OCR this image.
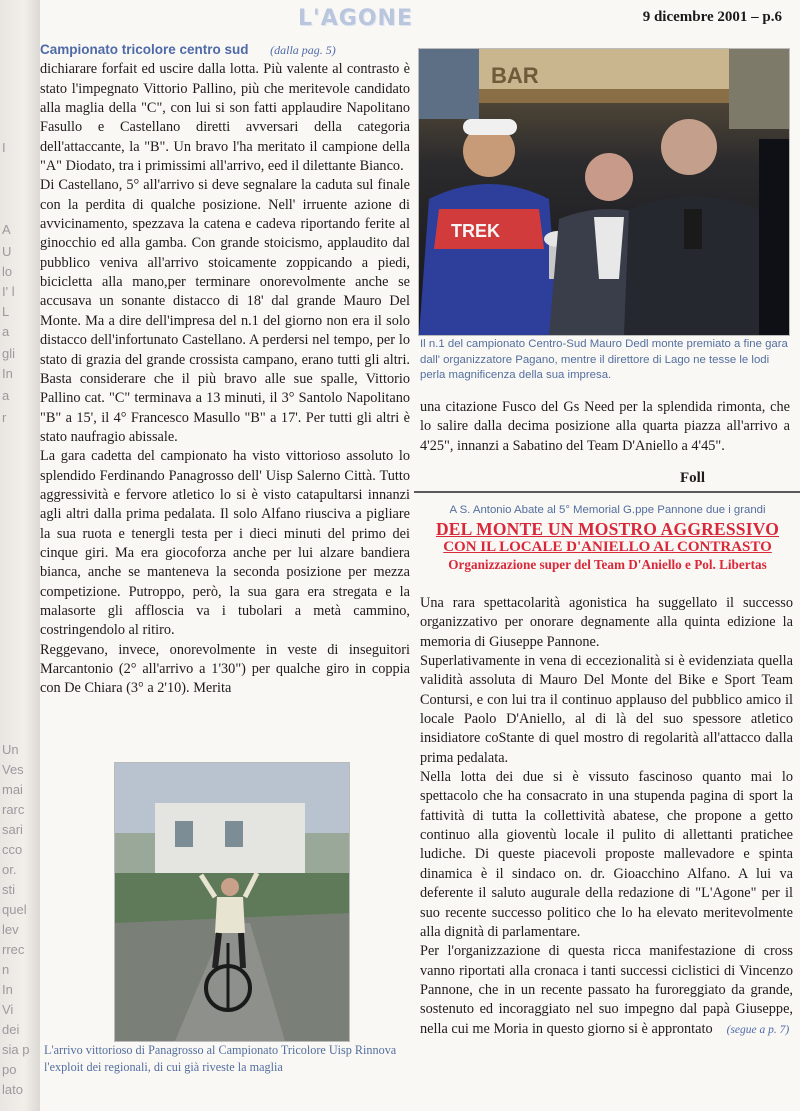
I
A
U
lo
I' l
L
a
gli
In
a
r
Un
Ves
mai
rarc
sari
cco
or.
sti
quel
lev
rrec
n
In
Vi
dei
sia p
po
lato
L'AGONE	9 dicembre 2001 – p.6

Campionato tricolore centro sud (dalla pag. 5)

dichiarare forfait ed uscire dalla lotta. Più valente al contrasto è stato l'impegnato Vittorio Pallino, più che meritevole candidato alla maglia della "C", con lui si son fatti applaudire Napolitano Fasullo e Castellano diretti avversari della categoria dell'attaccante, la "B". Un bravo l'ha meritato il campione della "A" Diodato, tra i primissimi all'arrivo, eed il dilettante Bianco.

Di Castellano, 5° all'arrivo si deve segnalare la caduta sul finale con la perdita di qualche posizione. Nell' irruente azione di avvicinamento, spezzava la catena e cadeva riportando ferite al ginocchio ed alla gamba. Con grande stoicismo, applaudito dal pubblico veniva all'arrivo stoicamente zoppicando a piedi, bicicletta alla mano,per terminare onorevolmente anche se accusava un sonante distacco di 18' dal grande Mauro Del Monte. Ma a dire dell'impresa del n.1 del giorno non era il solo distacco dell'infortunato Castellano. A perdersi nel tempo, per lo stato di grazia del grande crossista campano, erano tutti gli altri. Basta considerare che il più bravo alle sue spalle, Vittorio Pallino cat. "C" terminava a 13 minuti, il 3° Santolo Napolitano "B" a 15', il 4° Francesco Masullo "B" a 17'. Per tutti gli altri è stato naufragio abissale.

La gara cadetta del campionato ha visto vittorioso assoluto lo splendido Ferdinando Panagrosso dell' Uisp Salerno Città. Tutto aggressività e fervore atletico lo si è visto catapultarsi innanzi agli altri dalla prima pedalata. Il solo Alfano riusciva a pigliare la sua ruota e tenergli testa per i dieci minuti del primo dei cinque giri. Ma era giocoforza anche per lui alzare bandiera bianca, anche se manteneva la seconda posizione per mezza competizione. Putroppo, però, la sua gara era stregata e la malasorte gli affloscia va i tubolari a metà cammino, costringendolo al ritiro.

Reggevano, invece, onorevolmente in veste di inseguitori Marcantonio (2° all'arrivo a 1'30") per qualche giro in coppia con De Chiara (3° a 2'10). Merita

BAR
TREK
Il n.1 del campionato Centro-Sud Mauro Dedl monte premiato a fine gara dall' organizzatore Pagano, mentre il direttore di Lago ne tesse le lodi perla magnificenza della sua impresa.

una citazione Fusco del Gs Need per la splendida rimonta, che lo salire dalla decima posizione alla quarta piazza all'arrivo a 4'25", innanzi a Sabatino del Team D'Aniello a 4'45".

Foll
A S. Antonio Abate al 5° Memorial G.ppe Pannone due i grandi
DEL MONTE UN MOSTRO AGGRESSIVO
CON IL LOCALE D'ANIELLO AL CONTRASTO
Organizzazione super del Team D'Aniello e Pol. Libertas

Una rara spettacolarità agonistica ha suggellato il successo organizzativo per onorare degnamente alla quinta edizione la memoria di Giuseppe Pannone.

Superlativamente in vena di eccezionalità si è evidenziata quella validità assoluta di Mauro Del Monte del Bike e Sport Team Contursi, e con lui tra il continuo applauso del pubblico amico il locale Paolo D'Aniello, al di là del suo spessore atletico insidiatore coStante di quel mostro di regolarità all'attacco dalla prima pedalata.

Nella lotta dei due si è vissuto fascinoso quanto mai lo spettacolo che ha consacrato in una stupenda pagina di sport la fattività di tutta la collettività abatese, che propone a getto continuo alla gioventù locale il pulito di allettanti pratichee ludiche. Di queste piacevoli proposte mallevadore e spinta dinamica è il sindaco on. dr. Gioacchino Alfano. A lui va deferente il saluto augurale della redazione di "L'Agone" per il suo recente successo politico che lo ha elevato meritevolmente alla dignità di parlamentare.

Per l'organizzazione di questa ricca manifestazione di cross vanno riportati alla cronaca i tanti successi ciclistici di Vincenzo Pannone, che in un recente passato ha furoreggiato da grande, sostenuto ed incoraggiato nel suo impegno dal papà Giuseppe, nella cui me Moria in questo giorno si è approntato (segue a p. 7)

L'arrivo vittorioso di Panagrosso al Campionato Tricolore Uisp Rinnova l'exploit dei regionali, di cui già riveste la maglia
